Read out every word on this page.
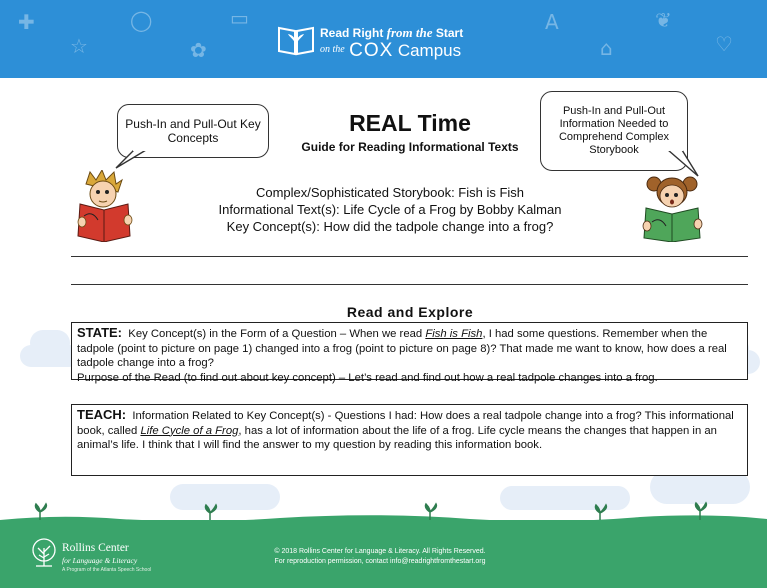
✚
☆
◯
✿
▭	A
⌂
❦
♡
Read Right from the Start
$^{on the}$ COX Campus
Push-In and Pull-Out Key Concepts
Push-In and Pull-Out Information Needed to Comprehend Complex Storybook
REAL Time
Guide for Reading Informational Texts
Complex/Sophisticated Storybook: Fish is Fish
Informational Text(s): Life Cycle of a Frog by Bobby Kalman
Key Concept(s): How did the tadpole change into a frog?
Read and Explore
STATE: Key Concept(s) in the Form of a Question – When we read Fish is Fish, I had some questions. Remember when the tadpole (point to picture on page 1) changed into a frog (point to picture on page 8)? That made me want to know, how does a real tadpole change into a frog?
Purpose of the Read (to find out about key concept) – Let’s read and find out how a real tadpole changes into a frog.
TEACH: Information Related to Key Concept(s) - Questions I had: How does a real tadpole change into a frog? This informational book, called Life Cycle of a Frog, has a lot of information about the life of a frog. Life cycle means the changes that happen in an animal’s life. I think that I will find the answer to my question by reading this information book.
Rollins Center
for Language & Literacy
A Program of the Atlanta Speech School
© 2018 Rollins Center for Language & Literacy. All Rights Reserved.
For reproduction permission, contact info@readrightfromthestart.org
